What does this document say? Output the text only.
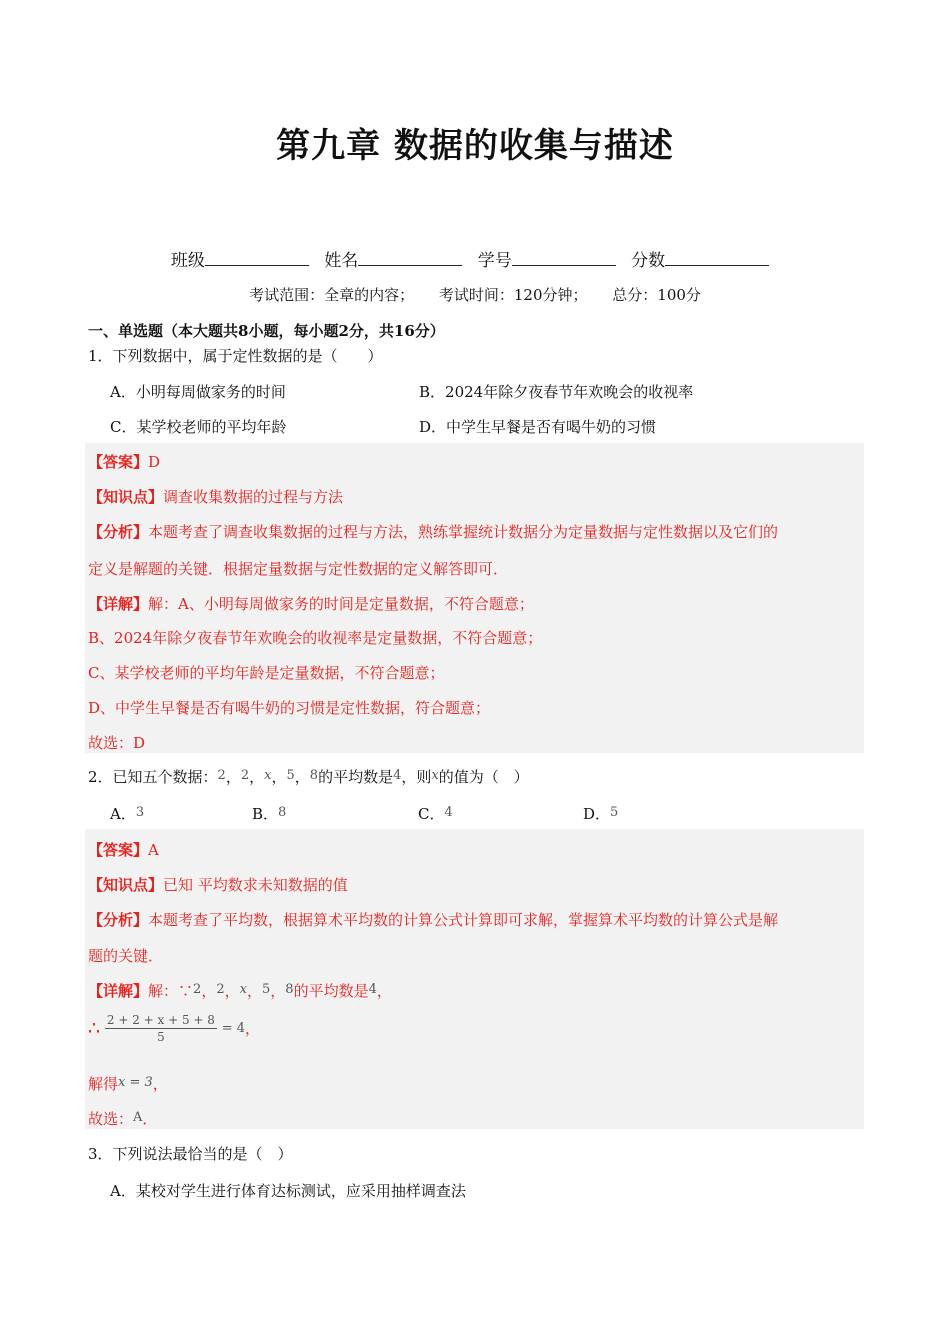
第九章 数据的收集与描述
班级	姓名	学号	分数
考试范围：全章的内容； 考试时间：120分钟； 总分：100分
一、单选题（本大题共8小题，每小题2分，共16分）
1．下列数据中，属于定性数据的是（　　）
A．小明每周做家务的时间	B．2024年除夕夜春节年欢晚会的收视率
C．某学校老师的平均年龄	D．中学生早餐是否有喝牛奶的习惯
【答案】D
【知识点】调查收集数据的过程与方法
【分析】本题考查了调查收集数据的过程与方法，熟练掌握统计数据分为定量数据与定性数据以及它们的
定义是解题的关键．根据定量数据与定性数据的定义解答即可．
【详解】解：A、小明每周做家务的时间是定量数据，不符合题意；
B、2024年除夕夜春节年欢晚会的收视率是定量数据，不符合题意；
C、某学校老师的平均年龄是定量数据，不符合题意；
D、中学生早餐是否有喝牛奶的习惯是定性数据，符合题意；
故选：D
2．已知五个数据：2，2，x，5，8的平均数是4，则x的值为（　）
A．3	B．8	C．4	D．5
【答案】A
【知识点】已知 平均数求未知数据的值
【分析】本题考查了平均数，根据算术平均数的计算公式计算即可求解，掌握算术平均数的计算公式是解
题的关键．
【详解】解：∵2，2，x，5，8的平均数是4，
∴ $\frac{2 + 2 + x + 5 + 8}{5} = 4$，
解得x = 3，
故选：A．
3．下列说法最恰当的是（　）
A．某校对学生进行体育达标测试，应采用抽样调查法
